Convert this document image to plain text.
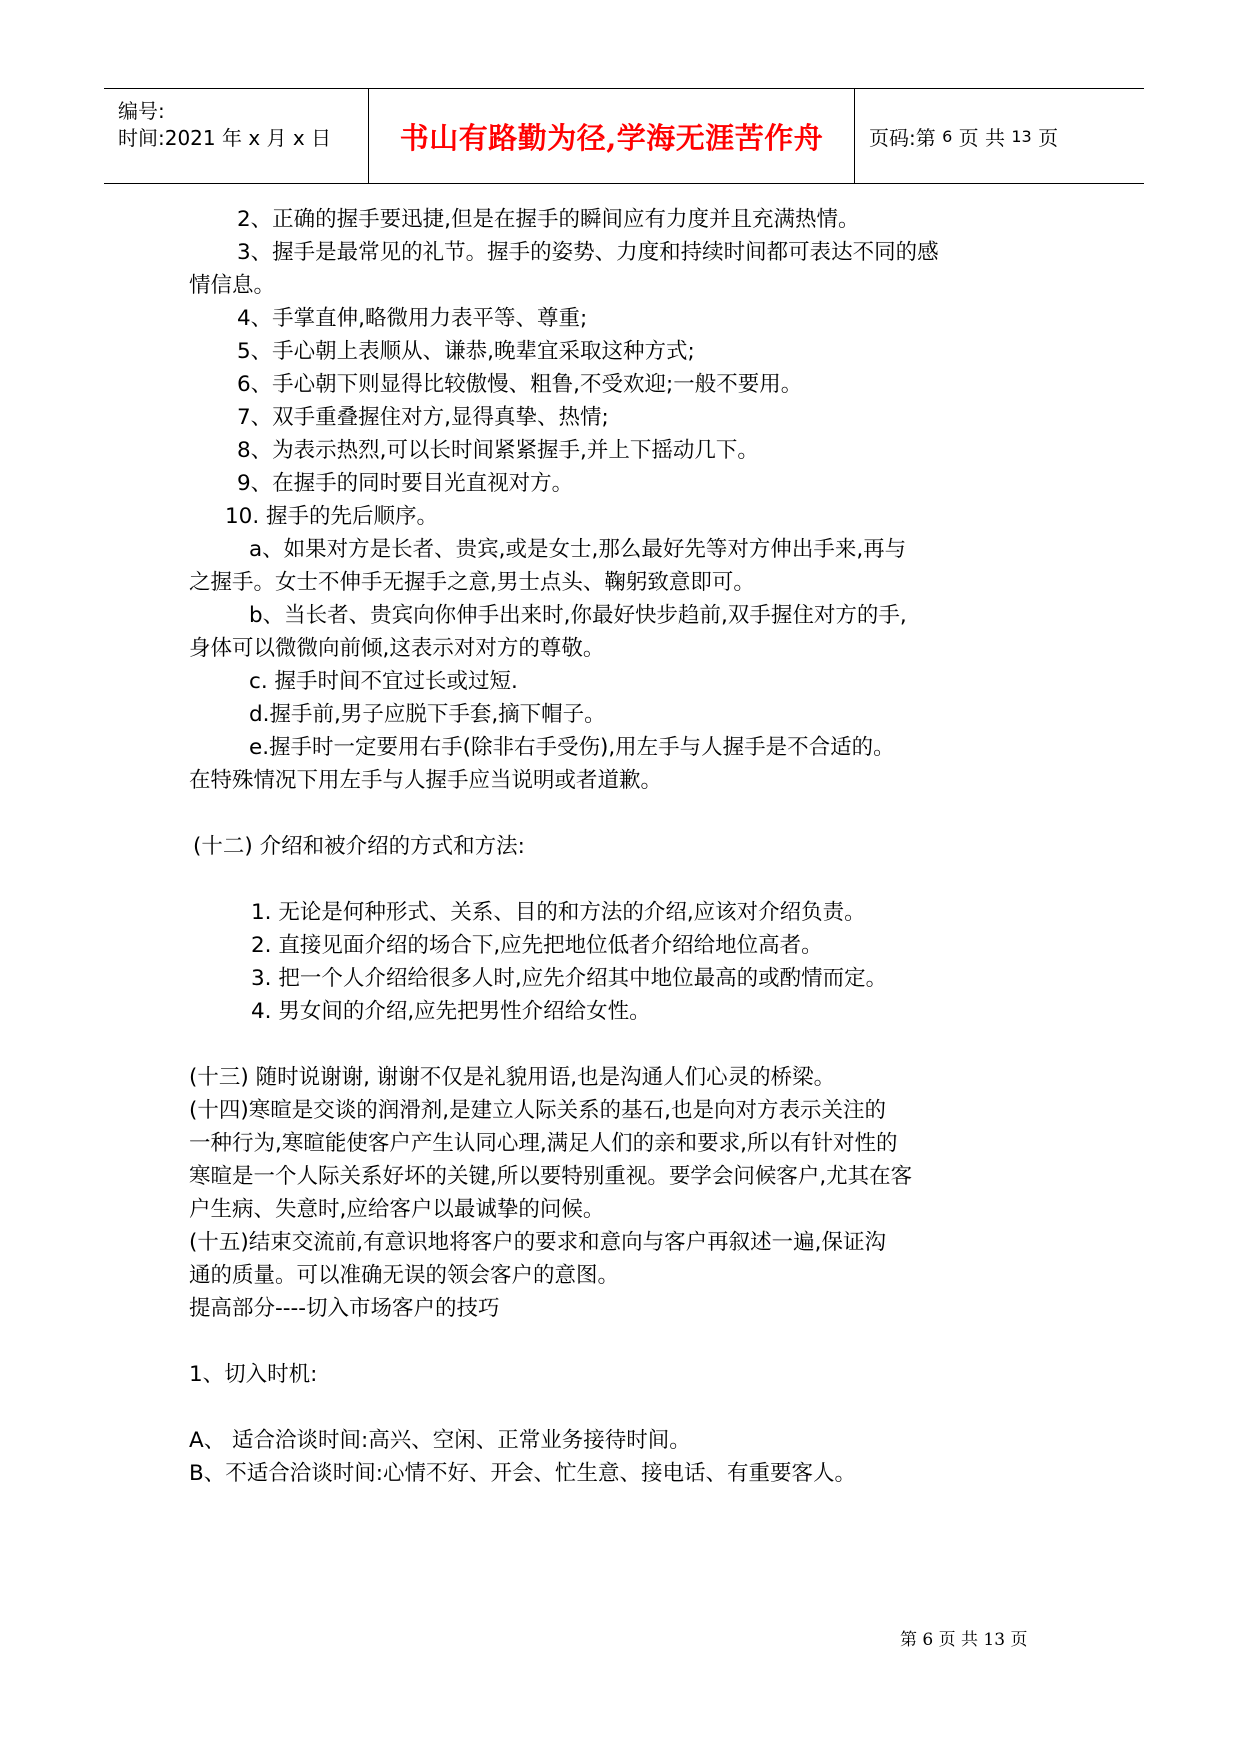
编号:
时间:2021 年 x 月 x 日 书山有路勤为径,学海无涯苦作舟 页码:第
6
页 共
13
页
2、正确的握手要迅捷,但是在握手的瞬间应有力度并且充满热情。
3、握手是最常见的礼节。握手的姿势、力度和持续时间都可表达不同的感
情信息。
4、手掌直伸,略微用力表平等、尊重;
5、手心朝上表顺从、谦恭,晚辈宜采取这种方式;
6、手心朝下则显得比较傲慢、粗鲁,不受欢迎;一般不要用。
7、双手重叠握住对方,显得真挚、热情;
8、为表示热烈,可以长时间紧紧握手,并上下摇动几下。
9、在握手的同时要目光直视对方。
10. 握手的先后顺序。
a、如果对方是长者、贵宾,或是女士,那么最好先等对方伸出手来,再与
之握手。女士不伸手无握手之意,男士点头、鞠躬致意即可。
b、当长者、贵宾向你伸手出来时,你最好快步趋前,双手握住对方的手,
身体可以微微向前倾,这表示对对方的尊敬。
c. 握手时间不宜过长或过短.
d.握手前,男子应脱下手套,摘下帽子。
e.握手时一定要用右手(除非右手受伤),用左手与人握手是不合适的。
在特殊情况下用左手与人握手应当说明或者道歉。
(十二) 介绍和被介绍的方式和方法:
1. 无论是何种形式、关系、目的和方法的介绍,应该对介绍负责。
2. 直接见面介绍的场合下,应先把地位低者介绍给地位高者。
3. 把一个人介绍给很多人时,应先介绍其中地位最高的或酌情而定。
4. 男女间的介绍,应先把男性介绍给女性。
(十三) 随时说谢谢, 谢谢不仅是礼貌用语,也是沟通人们心灵的桥梁。
(十四)寒暄是交谈的润滑剂,是建立人际关系的基石,也是向对方表示关注的
一种行为,寒暄能使客户产生认同心理,满足人们的亲和要求,所以有针对性的
寒暄是一个人际关系好坏的关键,所以要特别重视。要学会问候客户,尤其在客
户生病、失意时,应给客户以最诚挚的问候。
(十五)结束交流前,有意识地将客户的要求和意向与客户再叙述一遍,保证沟
通的质量。可以准确无误的领会客户的意图。
提高部分----切入市场客户的技巧
1、切入时机:
A、 适合洽谈时间:高兴、空闲、正常业务接待时间。
B、不适合洽谈时间:心情不好、开会、忙生意、接电话、有重要客人。
第 6 页 共 13 页
